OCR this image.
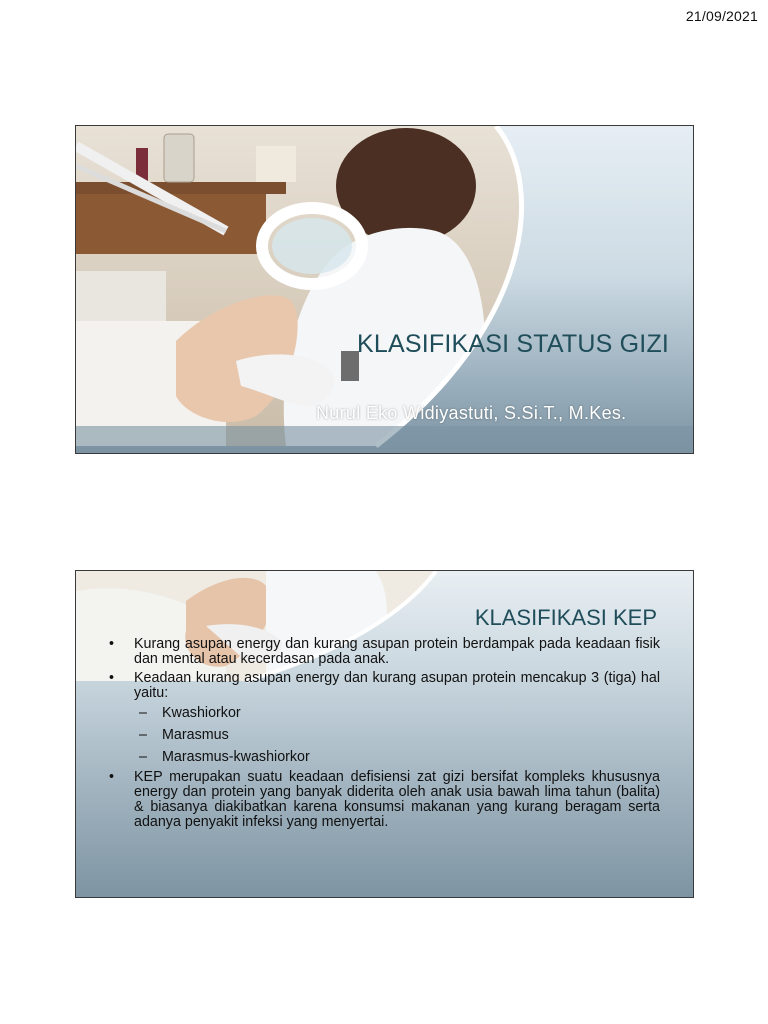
21/09/2021
KLASIFIKASI STATUS GIZI
Nurul Eko Widiyastuti, S.Si.T., M.Kes.
KLASIFIKASI KEP
• Kurang asupan energy dan kurang asupan protein berdampak pada keadaan fisik dan mental atau kecerdasan pada anak.
• Keadaan kurang asupan energy dan kurang asupan protein mencakup 3 (tiga) hal yaitu:
– Kwashiorkor
– Marasmus
– Marasmus-kwashiorkor
• KEP merupakan suatu keadaan defisiensi zat gizi bersifat kompleks khususnya energy dan protein yang banyak diderita oleh anak usia bawah lima tahun (balita) & biasanya diakibatkan karena konsumsi makanan yang kurang beragam serta adanya penyakit infeksi yang menyertai.
